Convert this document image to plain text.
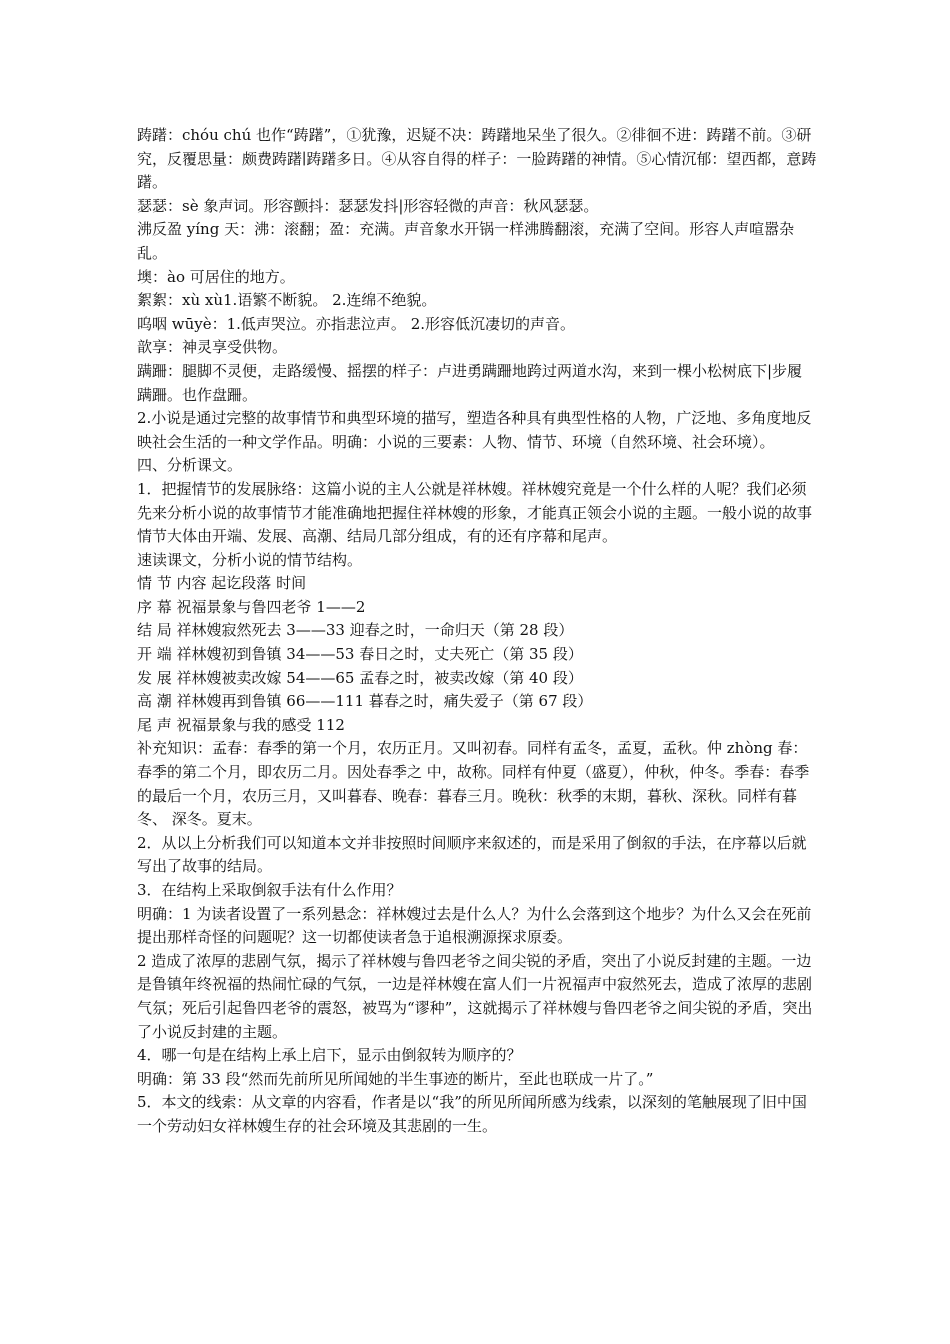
踌躇：chóu chú 也作“踌躇”，①犹豫，迟疑不决：踌躇地呆坐了很久。②徘徊不进：踌躇不前。③研究，反覆思量：颇费踌躇∣踌躇多日。④从容自得的样子：一脸踌躇的神情。⑤心情沉郁：望西都，意踌躇。

瑟瑟：sè 象声词。形容颤抖：瑟瑟发抖|形容轻微的声音：秋风瑟瑟。

沸反盈 yíng 天：沸：滚翻；盈：充满。声音象水开锅一样沸腾翻滚，充满了空间。形容人声喧嚣杂乱。

墺：ào 可居住的地方。

絮絮：xù xù1.语繁不断貌。 2.连绵不绝貌。

呜咽 wūyè：1.低声哭泣。亦指悲泣声。 2.形容低沉凄切的声音。

歆享：神灵享受供物。

蹒跚：腿脚不灵便，走路缓慢、摇摆的样子：卢进勇蹒跚地跨过两道水沟，来到一棵小松树底下|步履蹒跚。也作盘跚。

2.小说是通过完整的故事情节和典型环境的描写，塑造各种具有典型性格的人物，广泛地、多角度地反映社会生活的一种文学作品。明确：小说的三要素：人物、情节、环境（自然环境、社会环境）。

四、分析课文。

1．把握情节的发展脉络：这篇小说的主人公就是祥林嫂。祥林嫂究竟是一个什么样的人呢？我们必须先来分析小说的故事情节才能准确地把握住祥林嫂的形象，才能真正领会小说的主题。一般小说的故事情节大体由开端、发展、高潮、结局几部分组成，有的还有序幕和尾声。

速读课文，分析小说的情节结构。

情 节 内容 起讫段落 时间

序 幕 祝福景象与鲁四老爷 1——2

结 局 祥林嫂寂然死去 3——33 迎春之时，一命归天（第 28 段）

开 端 祥林嫂初到鲁镇 34——53 春日之时，丈夫死亡（第 35 段）

发 展 祥林嫂被卖改嫁 54——65 孟春之时，被卖改嫁（第 40 段）

高 潮 祥林嫂再到鲁镇 66——111 暮春之时，痛失爱子（第 67 段）

尾 声 祝福景象与我的感受 112

补充知识：孟春：春季的第一个月，农历正月。又叫初春。同样有孟冬，孟夏，孟秋。仲 zhòng 春：春季的第二个月，即农历二月。因处春季之 中，故称。同样有仲夏（盛夏），仲秋，仲冬。季春：春季的最后一个月，农历三月，又叫暮春、晚春：暮春三月。晚秋：秋季的末期，暮秋、深秋。同样有暮冬、 深冬。夏末。

2．从以上分析我们可以知道本文并非按照时间顺序来叙述的，而是采用了倒叙的手法，在序幕以后就写出了故事的结局。

3．在结构上采取倒叙手法有什么作用？

明确：1 为读者设置了一系列悬念：祥林嫂过去是什么人？为什么会落到这个地步？为什么又会在死前提出那样奇怪的问题呢？这一切都使读者急于追根溯源探求原委。

2 造成了浓厚的悲剧气氛，揭示了祥林嫂与鲁四老爷之间尖锐的矛盾，突出了小说反封建的主题。一边是鲁镇年终祝福的热闹忙碌的气氛，一边是祥林嫂在富人们一片祝福声中寂然死去，造成了浓厚的悲剧气氛；死后引起鲁四老爷的震怒，被骂为“谬种”，这就揭示了祥林嫂与鲁四老爷之间尖锐的矛盾，突出了小说反封建的主题。

4．哪一句是在结构上承上启下，显示由倒叙转为顺序的？

明确：第 33 段“然而先前所见所闻她的半生事迹的断片，至此也联成一片了。”

5．本文的线索：从文章的内容看，作者是以“我”的所见所闻所感为线索，以深刻的笔触展现了旧中国一个劳动妇女祥林嫂生存的社会环境及其悲剧的一生。
